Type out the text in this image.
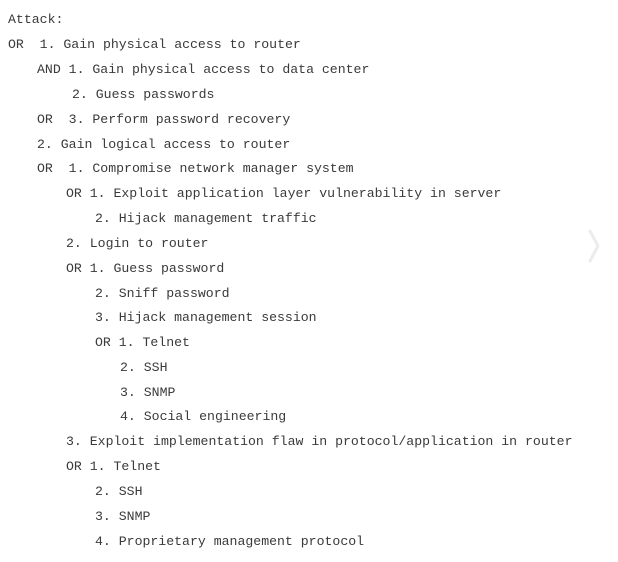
Attack:
OR  1. Gain physical access to router
AND 1. Gain physical access to data center
2. Guess passwords
OR  3. Perform password recovery
2. Gain logical access to router
OR  1. Compromise network manager system
OR 1. Exploit application layer vulnerability in server
2. Hijack management traffic
2. Login to router
OR 1. Guess password
2. Sniff password
3. Hijack management session
OR 1. Telnet
2. SSH
3. SNMP
4. Social engineering
3. Exploit implementation flaw in protocol/application in router
OR 1. Telnet
2. SSH
3. SNMP
4. Proprietary management protocol
